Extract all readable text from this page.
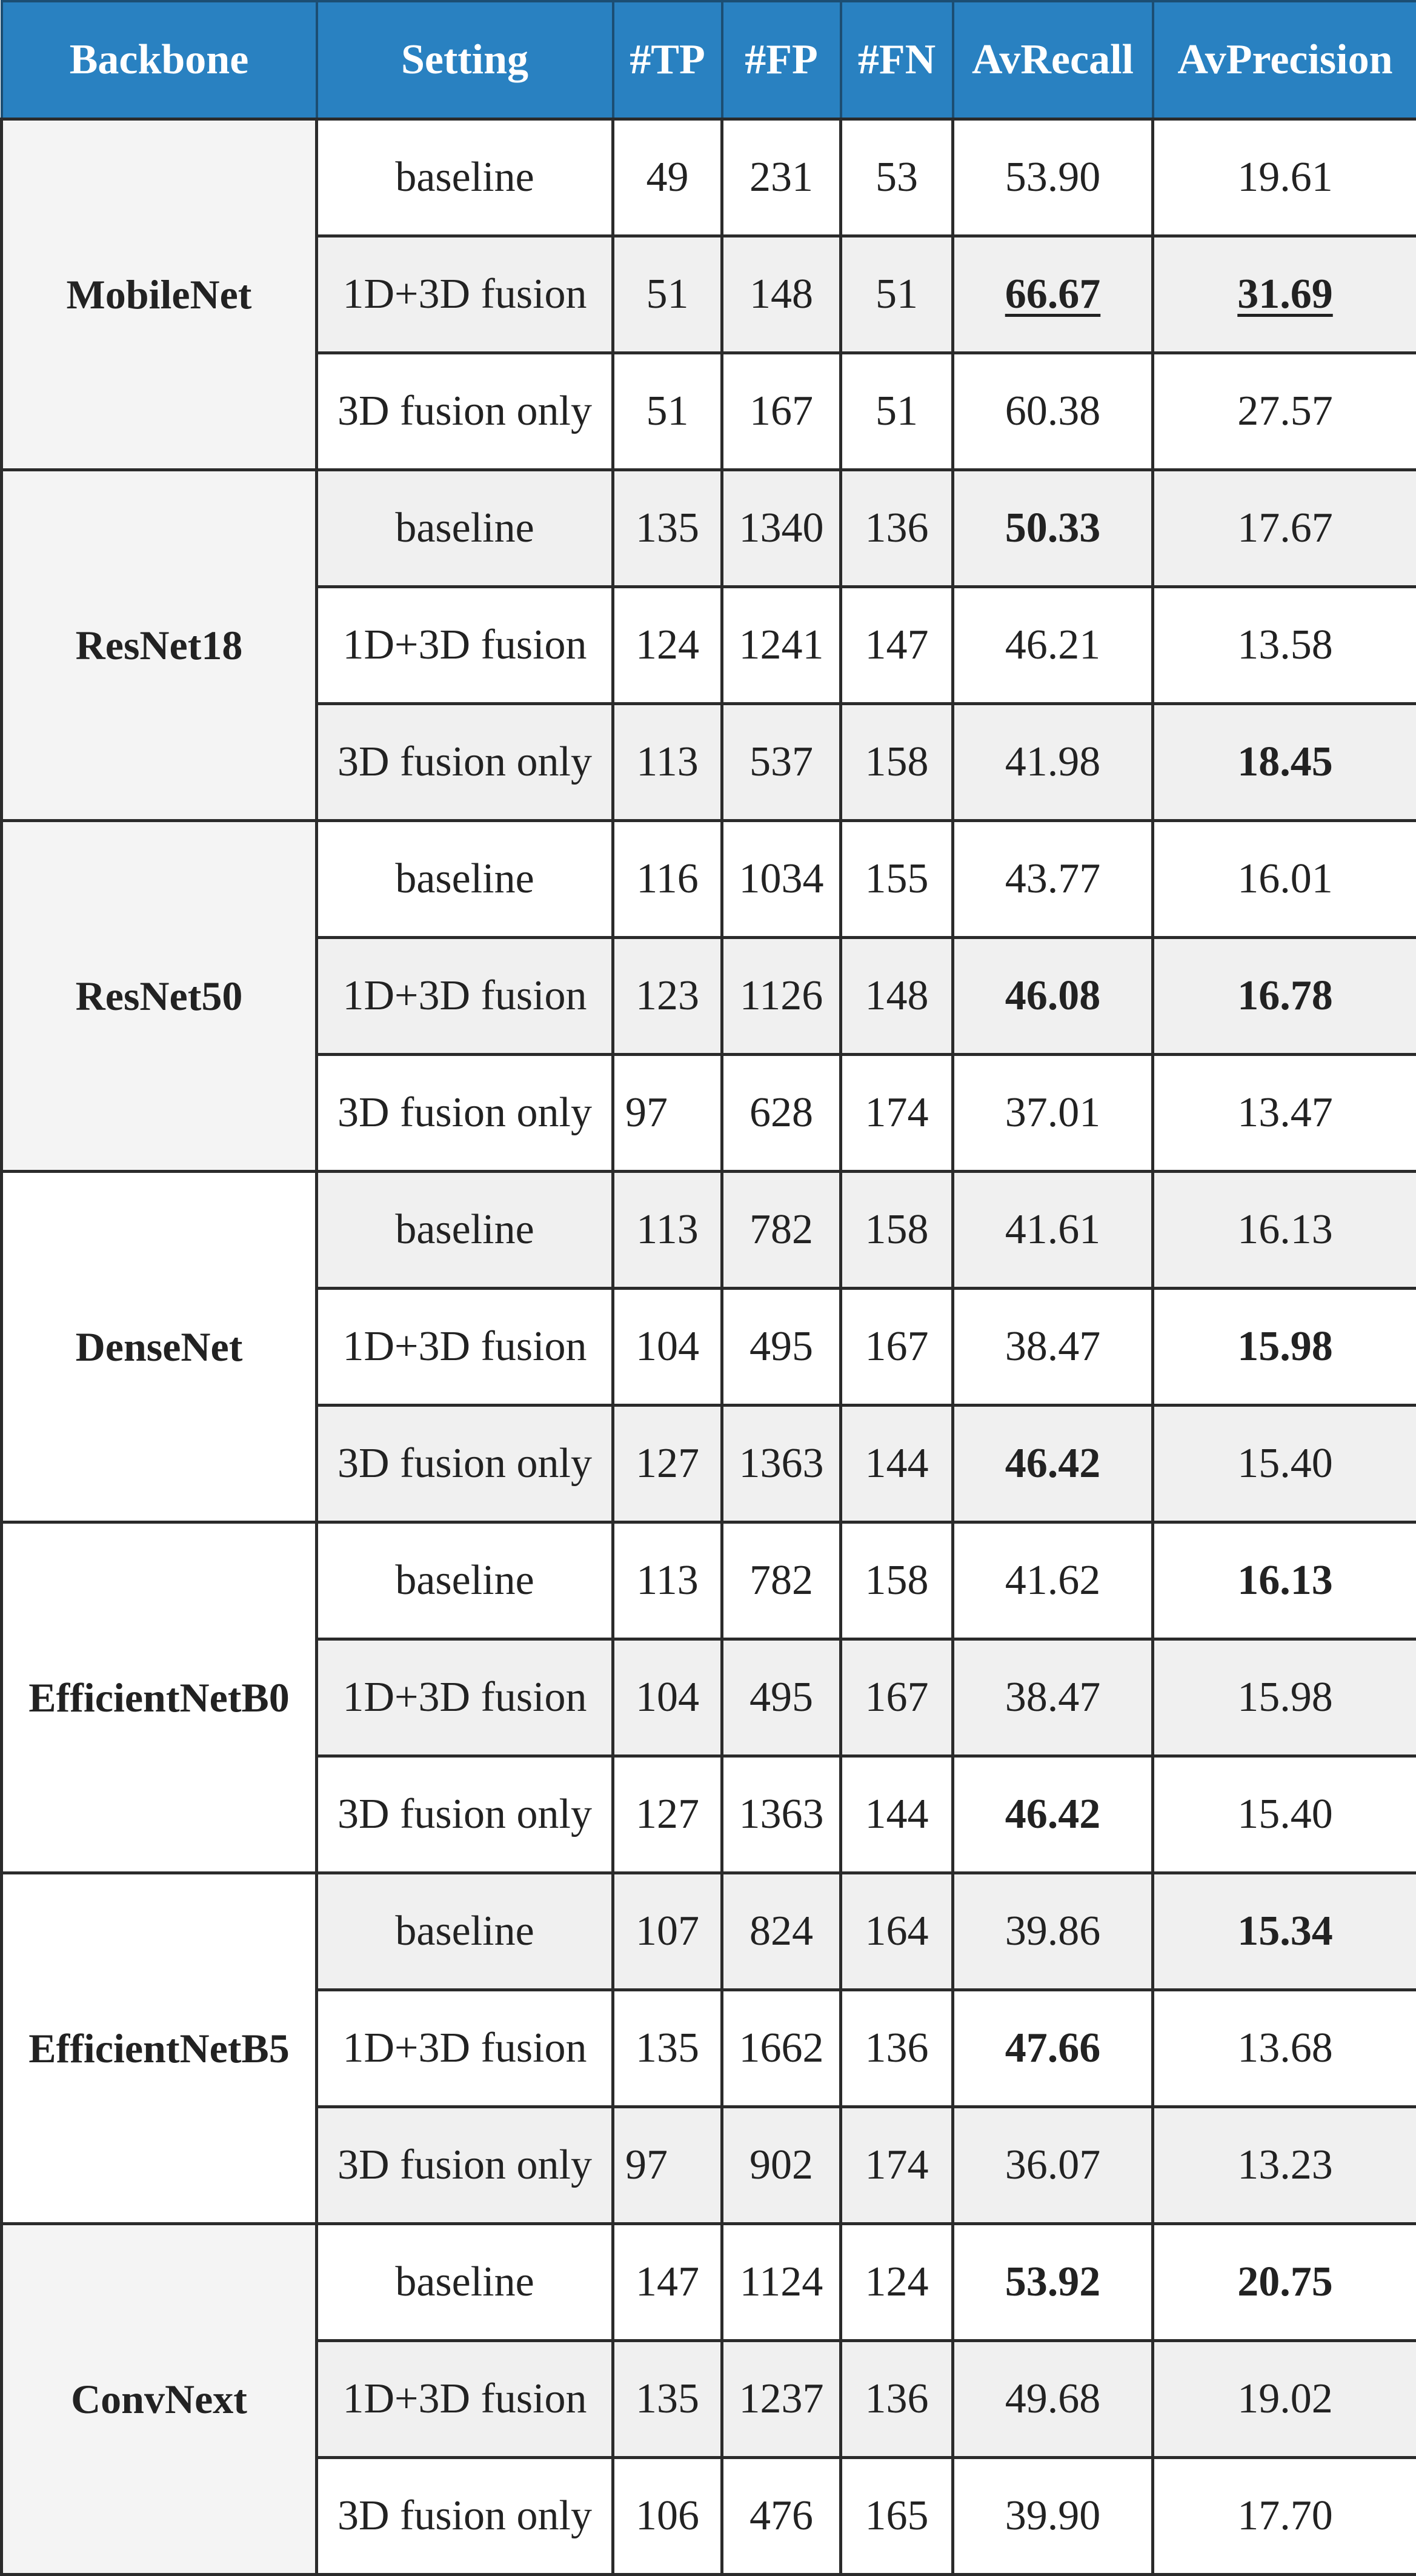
Backbone	Setting	#TP	#FP	#FN	AvRecall	AvPrecision
MobileNet	baseline	49	231	53	53.90	19.61
	1D+3D fusion	51	148	51	66.67	31.69
	3D fusion only	51	167	51	60.38	27.57
ResNet18	baseline	135	1340	136	50.33	17.67
	1D+3D fusion	124	1241	147	46.21	13.58
	3D fusion only	113	537	158	41.98	18.45
ResNet50	baseline	116	1034	155	43.77	16.01
	1D+3D fusion	123	1126	148	46.08	16.78
	3D fusion only	97	628	174	37.01	13.47
DenseNet	baseline	113	782	158	41.61	16.13
	1D+3D fusion	104	495	167	38.47	15.98
	3D fusion only	127	1363	144	46.42	15.40
EfficientNetB0	baseline	113	782	158	41.62	16.13
	1D+3D fusion	104	495	167	38.47	15.98
	3D fusion only	127	1363	144	46.42	15.40
EfficientNetB5	baseline	107	824	164	39.86	15.34
	1D+3D fusion	135	1662	136	47.66	13.68
	3D fusion only	97	902	174	36.07	13.23
ConvNext	baseline	147	1124	124	53.92	20.75
	1D+3D fusion	135	1237	136	49.68	19.02
	3D fusion only	106	476	165	39.90	17.70
